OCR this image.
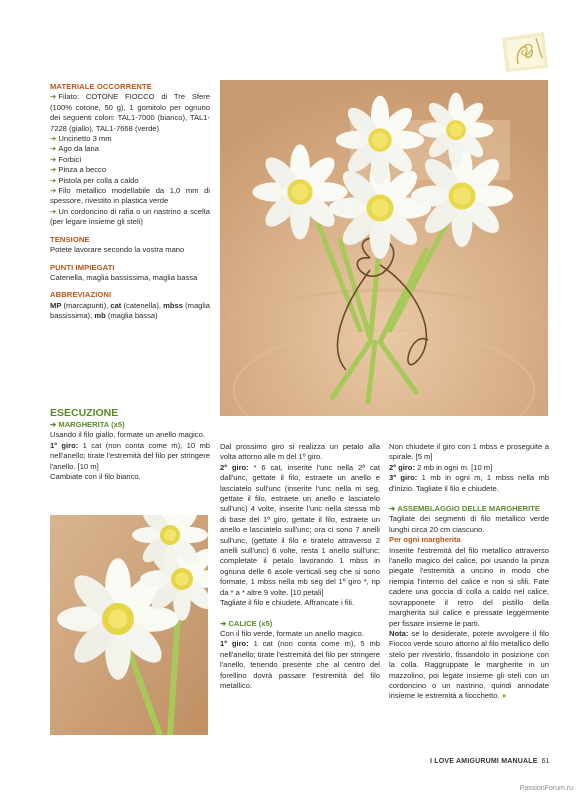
MATERIALE OCCORRENTE

➔ Filato: COTONE FIOCCO di Tre Sfere (100% cotone, 50 g), 1 gomitolo per ognuno dei seguenti colori: TAL1-7000 (bianco), TAL1-7228 (giallo), TAL1-7668 (verde)

➔ Uncinetto 3 mm

➔ Ago da lana

➔ Forbici

➔ Pinza a becco

➔ Pistola per colla a caldo

➔ Filo metallico modellabile da 1,0 mm di spessore, rivestito in plastica verde

➔ Un cordoncino di rafia o un nastrino a scelta (per legare insieme gli steli)

TENSIONE

Potete lavorare secondo la vostra mano

PUNTI IMPIEGATI

Catenella, maglia bassissima, maglia bassa

ABBREVIAZIONI

MP (marcapunti), cat (catenella), mbss (maglia bassissima), mb (maglia bassa)

ESECUZIONE
➔ MARGHERITA (x5)

Usando il filo giallo, formate un anello magico.

1º giro: 1 cat (non conta come m), 10 mb nell'anello; tirate l'estremità del filo per stringere l'anello. [10 m]

Cambiate con il filo bianco.

Dal prossimo giro si realizza un petalo alla volta attorno alle m del 1º giro.

2º giro: * 6 cat, inserite l'unc nella 2ª cat dall'unc, gettate il filo, estraete un anello e lasciatelo sull'unc (inserite l'unc nella m seg, gettate il filo, estraete un anello e lasciatelo sull'unc) 4 volte, inserite l'unc nella stessa mb di base del 1º giro, gettate il filo, estraete un anello e lasciatelo sull'unc; ora ci sono 7 anelli sull'unc, (gettate il filo e tiratelo attraverso 2 anelli sull'unc) 6 volte, resta 1 anello sull'unc; completate il petalo lavorando 1 mbss in ognuna delle 6 asole verticali seg che si sono formate, 1 mbss nella mb seg del 1º giro *, rip da * a * altre 9 volte. [10 petali]

Tagliate il filo e chiudete. Affrancate i fili.

➔ CALICE (x5)

Con il filo verde, formate un anello magico.

1º giro: 1 cat (non conta come m), 5 mb nell'anello; tirate l'estremità del filo per stringere l'anello, tenendo presente che al centro del forellino dovrà passare l'estremità del filo metallico.

Non chiudete il giro con 1 mbss e proseguite a spirale. [5 m]

2º giro: 2 mb in ogni m. [10 m]

3º giro: 1 mb in ogni m, 1 mbss nella mb d'inizio. Tagliate il filo e chiudete.

➔ ASSEMBLAGGIO DELLE MARGHERITE

Tagliate dei segmenti di filo metallico verde lunghi circa 20 cm ciascuno.

Per ogni margherita

Inserite l'estremità del filo metallico attraverso l'anello magico del calice, poi usando la pinza piegate l'estremità a uncino in modo che riempia l'interno del calice e non si sfili. Fate cadere una goccia di colla a caldo nel calice, sovrapponete il retro del pistillo della margherita sul calice e pressate leggermente per fissare insieme le parti.

Nota: se lo desiderate, potete avvolgere il filo Fiocco verde scuro attorno al filo metallico dello stelo per rivestirlo, fissandolo in posizione con la colla. Raggruppate le margherite in un mazzolino, poi legate insieme gli steli con un cordoncino o un nastrino, quindi annodate insieme le estremità a fiocchetto. ●

I LOVE AMIGURUMI MANUALE 61
PassionForum.ru
